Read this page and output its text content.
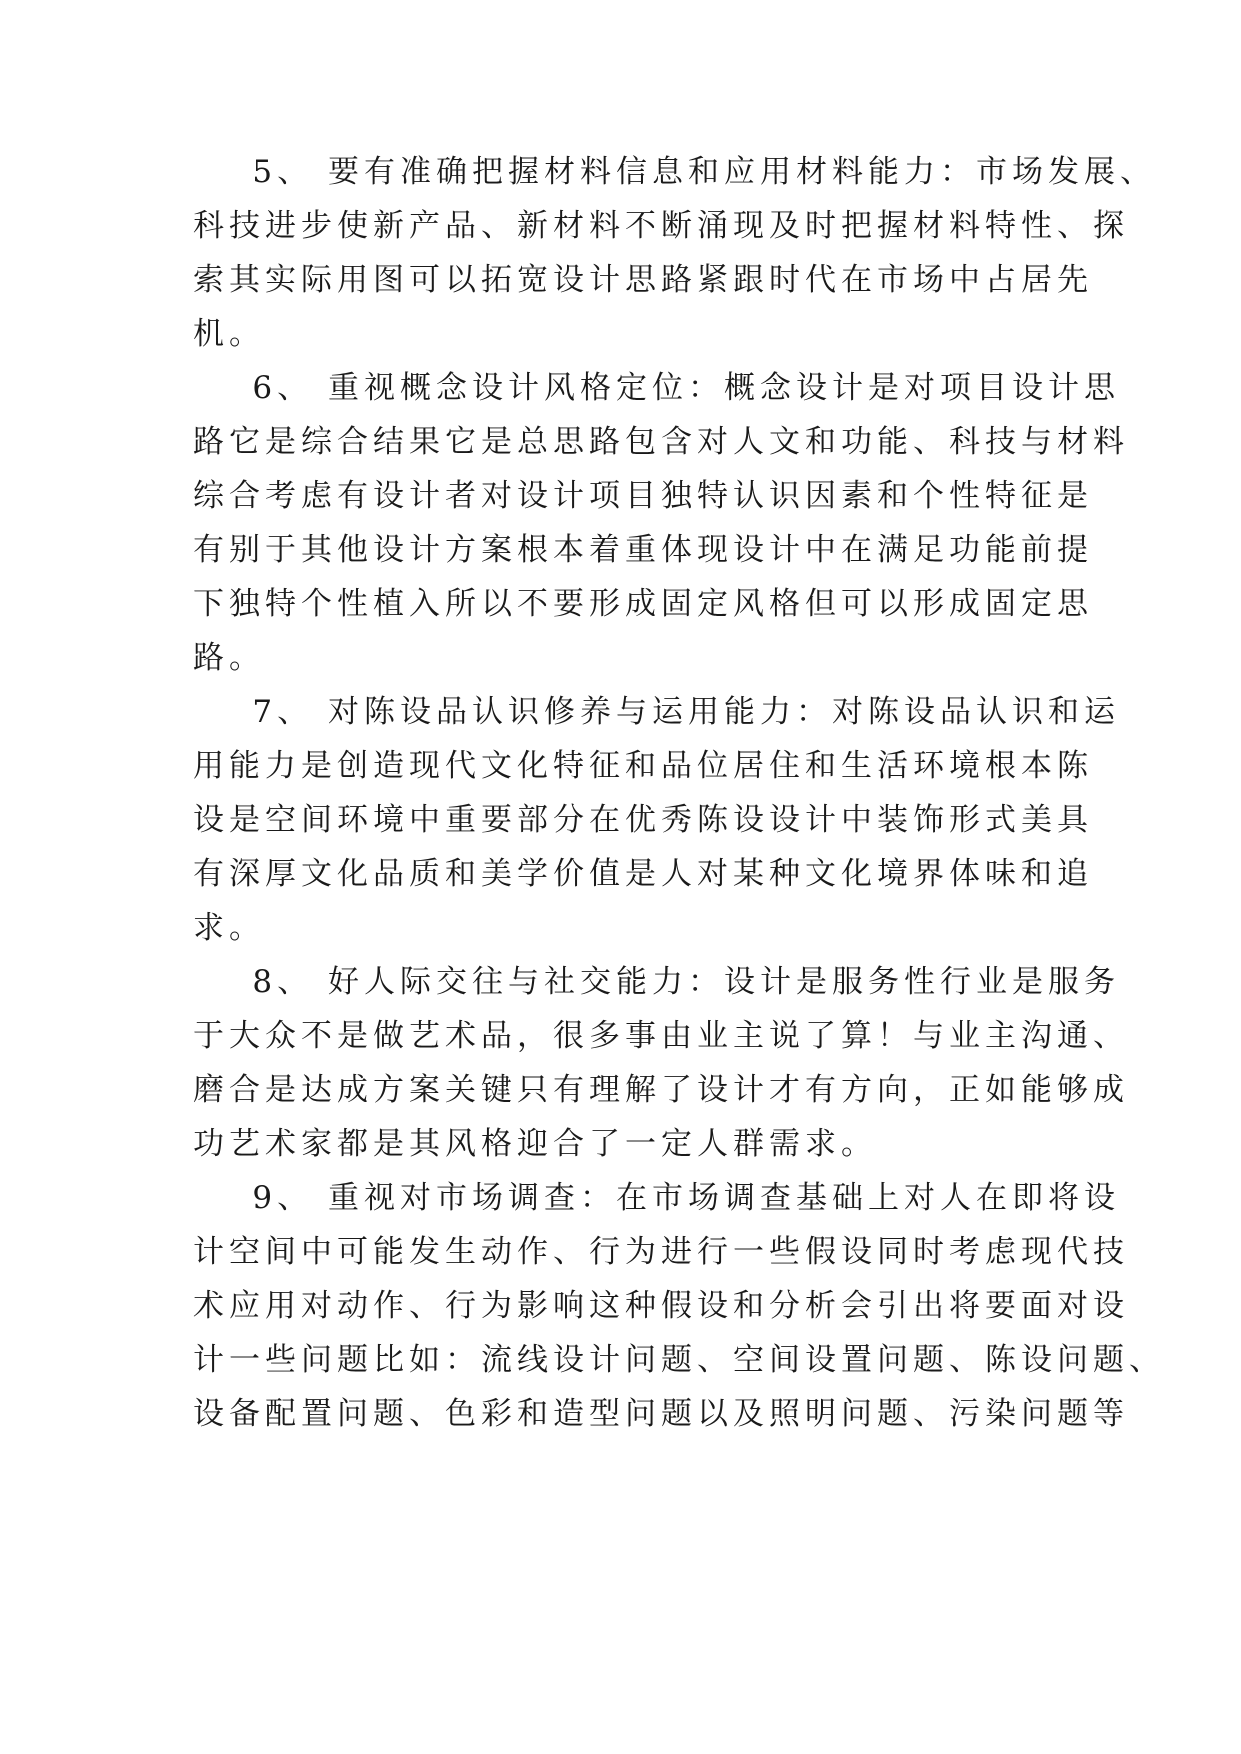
5、 要有准确把握材料信息和应用材料能力：市场发展、
科技进步使新产品、新材料不断涌现及时把握材料特性、探
索其实际用图可以拓宽设计思路紧跟时代在市场中占居先
机。
6、 重视概念设计风格定位：概念设计是对项目设计思
路它是综合结果它是总思路包含对人文和功能、科技与材料
综合考虑有设计者对设计项目独特认识因素和个性特征是
有别于其他设计方案根本着重体现设计中在满足功能前提
下独特个性植入所以不要形成固定风格但可以形成固定思
路。
7、 对陈设品认识修养与运用能力：对陈设品认识和运
用能力是创造现代文化特征和品位居住和生活环境根本陈
设是空间环境中重要部分在优秀陈设设计中装饰形式美具
有深厚文化品质和美学价值是人对某种文化境界体味和追
求。
8、 好人际交往与社交能力：设计是服务性行业是服务
于大众不是做艺术品，很多事由业主说了算！与业主沟通、
磨合是达成方案关键只有理解了设计才有方向，正如能够成
功艺术家都是其风格迎合了一定人群需求。
9、 重视对市场调查：在市场调查基础上对人在即将设
计空间中可能发生动作、行为进行一些假设同时考虑现代技
术应用对动作、行为影响这种假设和分析会引出将要面对设
计一些问题比如：流线设计问题、空间设置问题、陈设问题、
设备配置问题、色彩和造型问题以及照明问题、污染问题等
